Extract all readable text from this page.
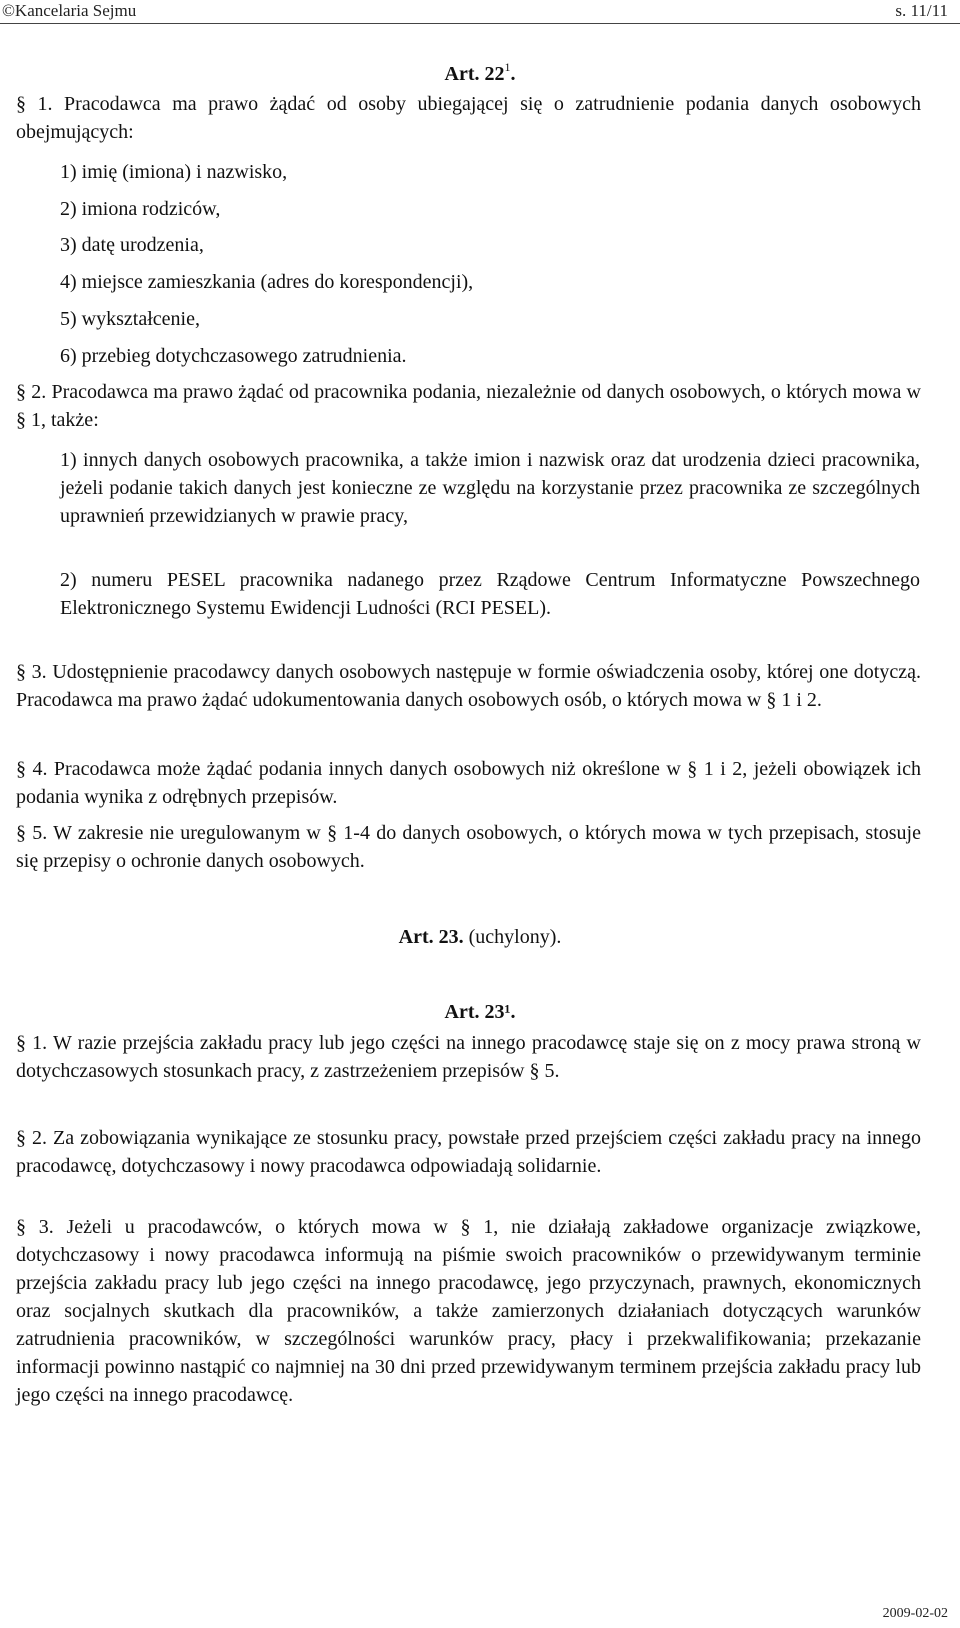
©Kancelaria Sejmu	s. 11/11
Art. $22^1$.
§ 1. Pracodawca ma prawo żądać od osoby ubiegającej się o zatrudnienie podania danych osobowych obejmujących:
1) imię (imiona) i nazwisko,
2) imiona rodziców,
3) datę urodzenia,
4) miejsce zamieszkania (adres do korespondencji),
5) wykształcenie,
6) przebieg dotychczasowego zatrudnienia.
§ 2. Pracodawca ma prawo żądać od pracownika podania, niezależnie od danych osobowych, o których mowa w § 1, także:
1) innych danych osobowych pracownika, a także imion i nazwisk oraz dat urodzenia dzieci pracownika, jeżeli podanie takich danych jest konieczne ze względu na korzystanie przez pracownika ze szczególnych uprawnień przewidzianych w prawie pracy,
2) numeru PESEL pracownika nadanego przez Rządowe Centrum Informatyczne Powszechnego Elektronicznego Systemu Ewidencji Ludności (RCI PESEL).
§ 3. Udostępnienie pracodawcy danych osobowych następuje w formie oświadczenia osoby, której one dotyczą. Pracodawca ma prawo żądać udokumentowania danych osobowych osób, o których mowa w § 1 i 2.
§ 4. Pracodawca może żądać podania innych danych osobowych niż określone w § 1 i 2, jeżeli obowiązek ich podania wynika z odrębnych przepisów.
§ 5. W zakresie nie uregulowanym w § 1-4 do danych osobowych, o których mowa w tych przepisach, stosuje się przepisy o ochronie danych osobowych.
Art. 23. (uchylony).
Art. 23¹.
§ 1. W razie przejścia zakładu pracy lub jego części na innego pracodawcę staje się on z mocy prawa stroną w dotychczasowych stosunkach pracy, z zastrzeżeniem przepisów § 5.
§ 2. Za zobowiązania wynikające ze stosunku pracy, powstałe przed przejściem części zakładu pracy na innego pracodawcę, dotychczasowy i nowy pracodawca odpowiadają solidarnie.
§ 3. Jeżeli u pracodawców, o których mowa w § 1, nie działają zakładowe organizacje związkowe, dotychczasowy i nowy pracodawca informują na piśmie swoich pracowników o przewidywanym terminie przejścia zakładu pracy lub jego części na innego pracodawcę, jego przyczynach, prawnych, ekonomicznych oraz socjalnych skutkach dla pracowników, a także zamierzonych działaniach dotyczących warunków zatrudnienia pracowników, w szczególności warunków pracy, płacy i przekwalifikowania; przekazanie informacji powinno nastąpić co najmniej na 30 dni przed przewidywanym terminem przejścia zakładu pracy lub jego części na innego pracodawcę.
2009-02-02
